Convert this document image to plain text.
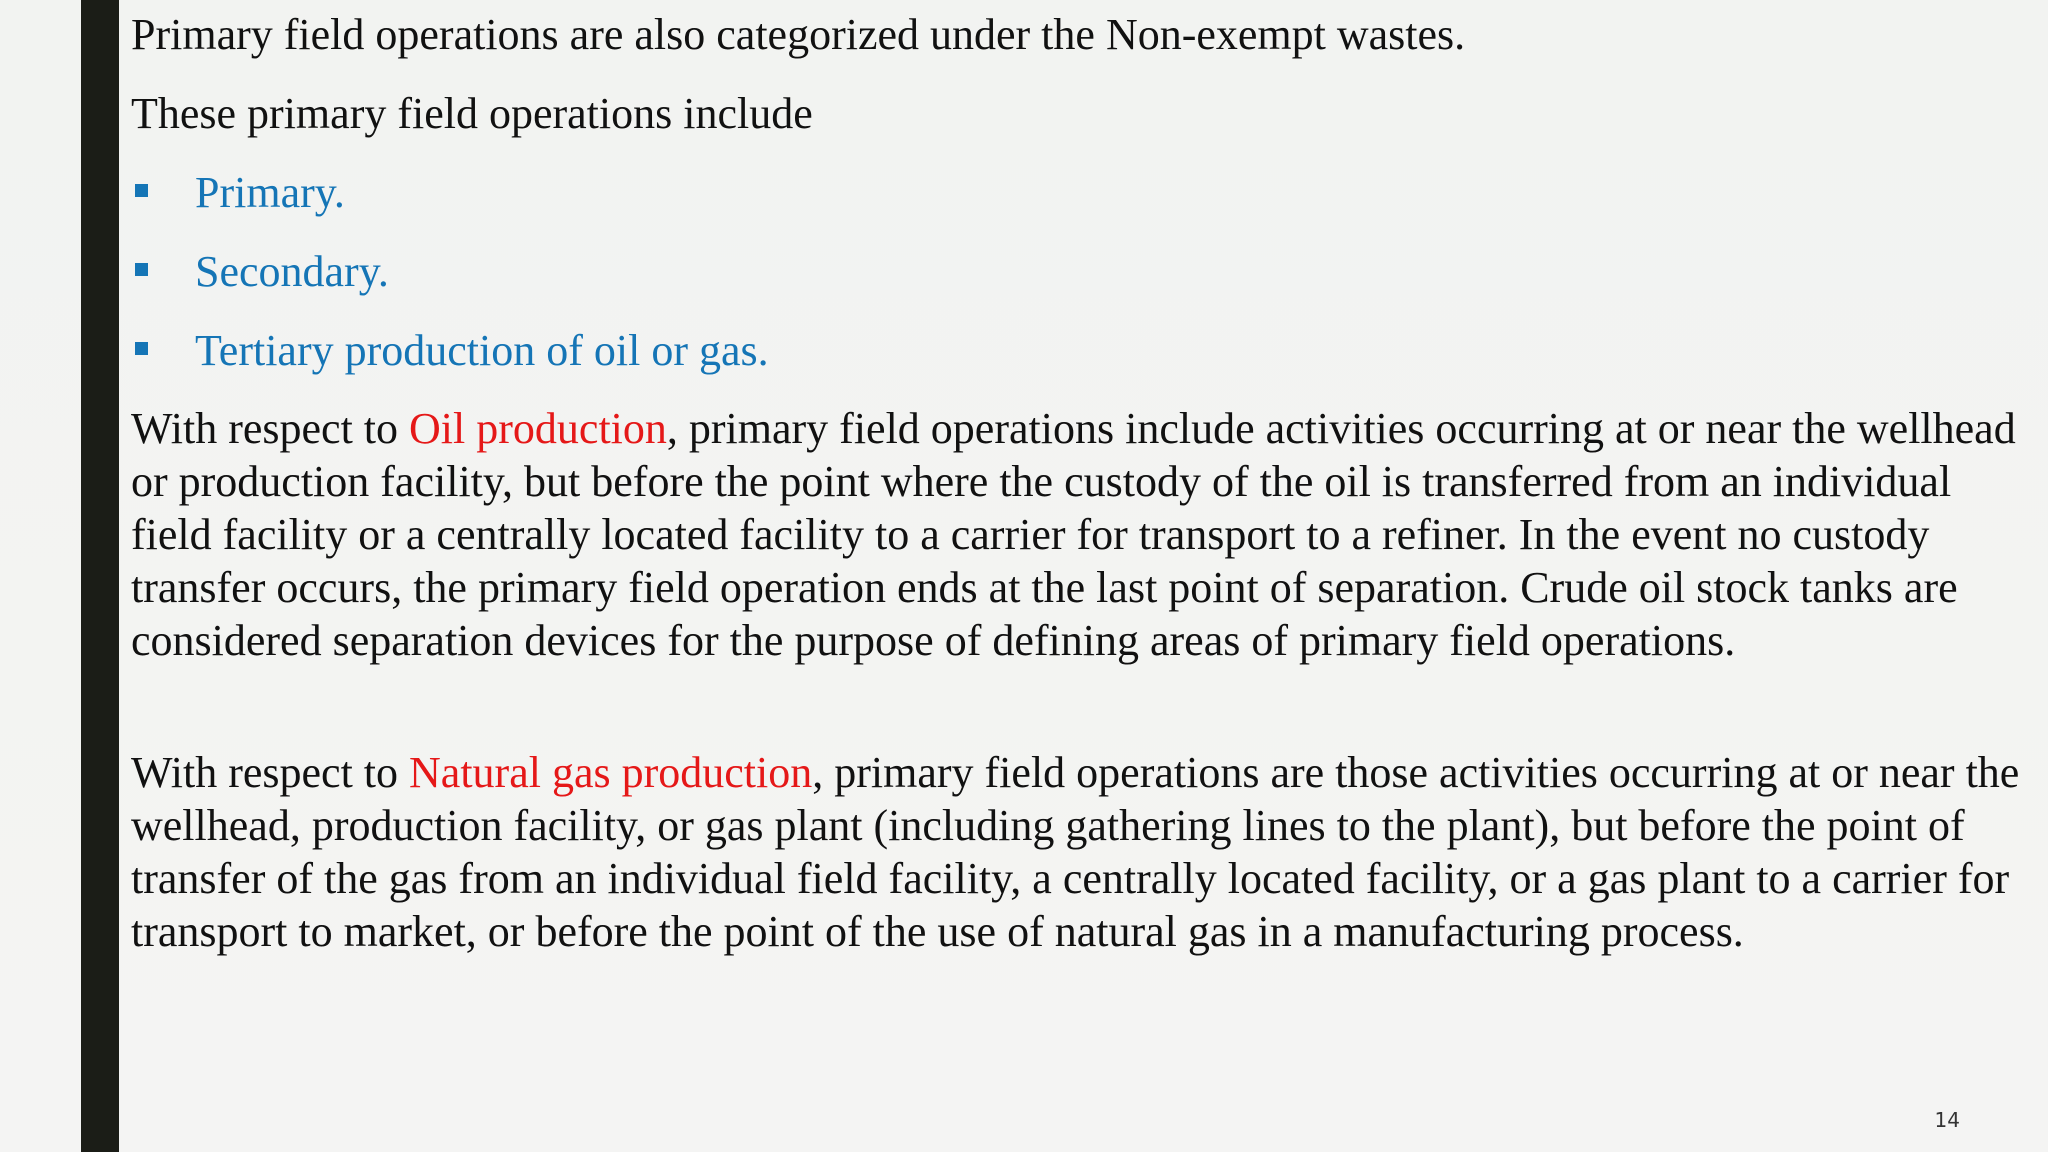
Primary field operations are also categorized under the Non-exempt wastes.

These primary field operations include

Primary.
Secondary.
Tertiary production of oil or gas.

With respect to Oil production, primary field operations include activities occurring at or near the wellhead or production facility, but before the point where the custody of the oil is transferred from an individual field facility or a centrally located facility to a carrier for transport to a refiner. In the event no custody transfer occurs, the primary field operation ends at the last point of separation. Crude oil stock tanks are considered separation devices for the purpose of defining areas of primary field operations.

With respect to Natural gas production, primary field operations are those activities occurring at or near the wellhead, production facility, or gas plant (including gathering lines to the plant), but before the point of transfer of the gas from an individual field facility, a centrally located facility, or a gas plant to a carrier for transport to market, or before the point of the use of natural gas in a manufacturing process.

14
